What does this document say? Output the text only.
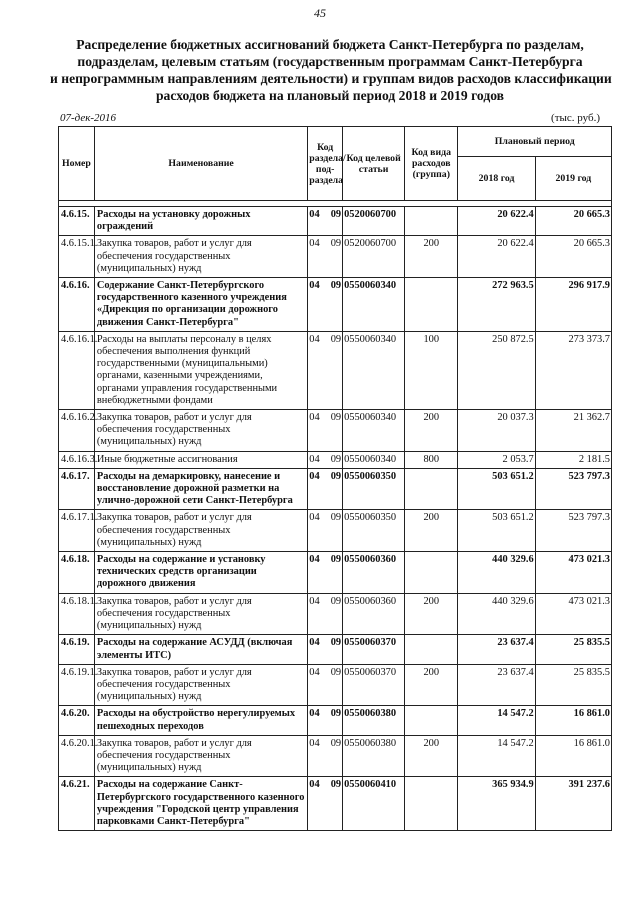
45
Распределение бюджетных ассигнований бюджета Санкт-Петербурга по разделам,
подразделам, целевым статьям (государственным программам Санкт-Петербурга
и непрограммным направлениям деятельности) и группам видов расходов классификации
расходов бюджета на плановый период 2018 и 2019 годов
07-дек-2016	(тыс. руб.)
Номер	Наименование	Код раздела/ под- раздела		Код целевой статьи	Код вида расходов (группа)	Плановый период	
						2018 год	2019 год

4.6.15.	Расходы на установку дорожных ограждений	04	09	0520060700		20 622.4	20 665.3
4.6.15.1.	Закупка товаров, работ и услуг для обеспечения государственных (муниципальных) нужд	04	09	0520060700	200	20 622.4	20 665.3
4.6.16.	Содержание Санкт-Петербургского государственного казенного учреждения «Дирекция по организации дорожного движения Санкт-Петербурга"	04	09	0550060340		272 963.5	296 917.9
4.6.16.1.	Расходы на выплаты персоналу в целях обеспечения выполнения функций государственными (муниципальными) органами, казенными учреждениями, органами управления государственными внебюджетными фондами	04	09	0550060340	100	250 872.5	273 373.7
4.6.16.2.	Закупка товаров, работ и услуг для обеспечения государственных (муниципальных) нужд	04	09	0550060340	200	20 037.3	21 362.7
4.6.16.3.	Иные бюджетные ассигнования	04	09	0550060340	800	2 053.7	2 181.5
4.6.17.	Расходы на демаркировку, нанесение и восстановление дорожной разметки на улично-дорожной сети Санкт-Петербурга	04	09	0550060350		503 651.2	523 797.3
4.6.17.1.	Закупка товаров, работ и услуг для обеспечения государственных (муниципальных) нужд	04	09	0550060350	200	503 651.2	523 797.3
4.6.18.	Расходы на содержание и установку технических средств организации дорожного движения	04	09	0550060360		440 329.6	473 021.3
4.6.18.1.	Закупка товаров, работ и услуг для обеспечения государственных (муниципальных) нужд	04	09	0550060360	200	440 329.6	473 021.3
4.6.19.	Расходы на содержание АСУДД (включая элементы ИТС)	04	09	0550060370		23 637.4	25 835.5
4.6.19.1.	Закупка товаров, работ и услуг для обеспечения государственных (муниципальных) нужд	04	09	0550060370	200	23 637.4	25 835.5
4.6.20.	Расходы на обустройство нерегулируемых пешеходных переходов	04	09	0550060380		14 547.2	16 861.0
4.6.20.1.	Закупка товаров, работ и услуг для обеспечения государственных (муниципальных) нужд	04	09	0550060380	200	14 547.2	16 861.0
4.6.21.	Расходы на содержание Санкт-Петербургского государственного казенного учреждения "Городской центр управления парковками Санкт-Петербурга"	04	09	0550060410		365 934.9	391 237.6
